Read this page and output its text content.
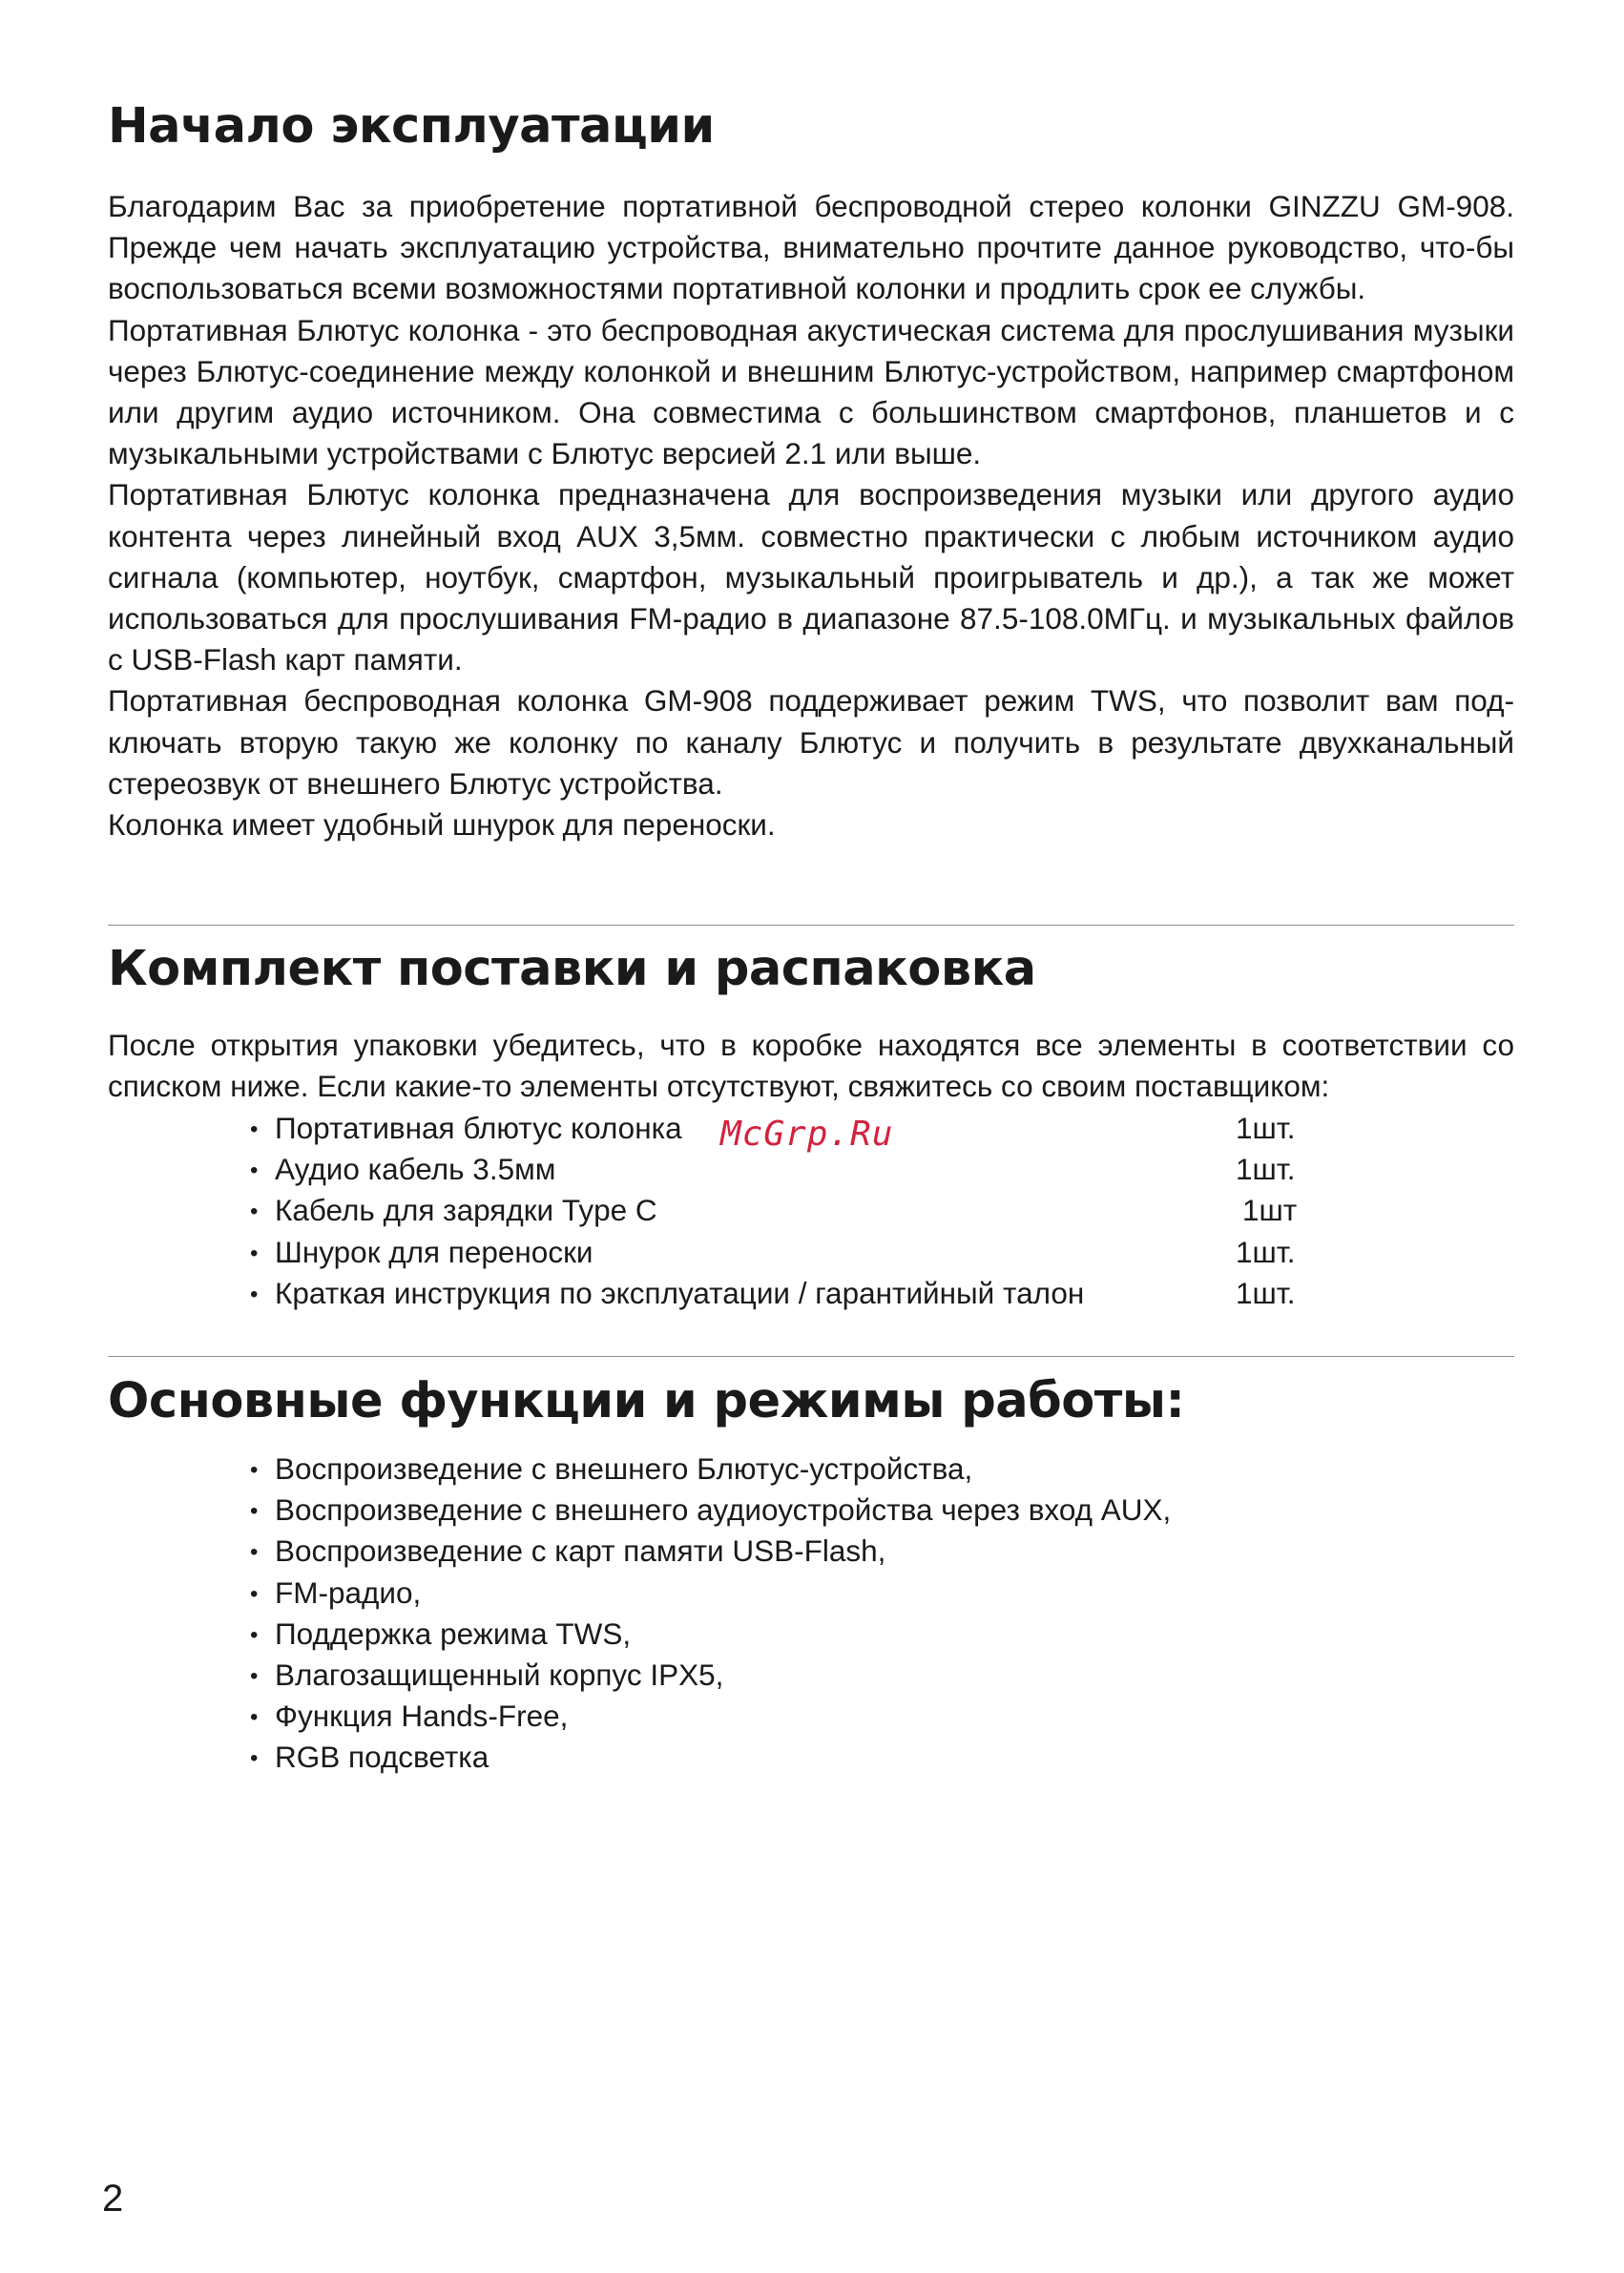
Начало эксплуатации

Благодарим Вас за приобретение портативной беспроводной стерео колонки GINZZU GM-908. Прежде чем начать эксплуатацию устройства, внимательно прочтите данное руководство, что-бы воспользоваться всеми возможностями портативной колонки и продлить срок ее службы.

Портативная Блютус колонка - это беспроводная акустическая система для прослушивания музыки через Блютус-соединение между колонкой и внешним Блютус-устройством, например смартфоном или другим аудио источником. Она совместима с большинством смартфонов, планшетов и с музыкальными устройствами с Блютус версией 2.1 или выше.

Портативная Блютус колонка предназначена для воспроизведения музыки или другого аудио контента через линейный вход AUX 3,5мм. совместно практически с любым источником аудио сигнала (компьютер, ноутбук, смартфон, музыкальный проигрыватель и др.), а так же может использоваться для прослушивания FM-радио в диапазоне 87.5-108.0МГц. и музыкальных файлов с USB-Flash карт памяти.

Портативная беспроводная колонка GM-908 поддерживает режим TWS, что позволит вам под-ключать вторую такую же колонку по каналу Блютус и получить в результате двухканальный стереозвук от внешнего Блютус устройства.

Колонка имеет удобный шнурок для переноски.

Комплект поставки и распаковка

После открытия упаковки убедитесь, что в коробке находятся все элементы в соответствии со списком ниже. Если какие-то элементы отсутствуют, свяжитесь со своим поставщиком:

• Портативная блютус колонка	1шт.
• Аудио кабель 3.5мм	1шт.
• Кабель для зарядки Type C	1шт
• Шнурок для переноски	1шт.
• Краткая инструкция по эксплуатации / гарантийный талон	1шт.
McGrp.Ru
Основные функции и режимы работы:
• Воспроизведение с внешнего Блютус-устройства,
• Воспроизведение с внешнего аудиоустройства через вход AUX,
• Воспроизведение с карт памяти USB-Flash,
• FM-радио,
• Поддержка режима TWS,
• Влагозащищенный корпус IPX5,
• Функция Hands-Free,
• RGB подсветка
2
